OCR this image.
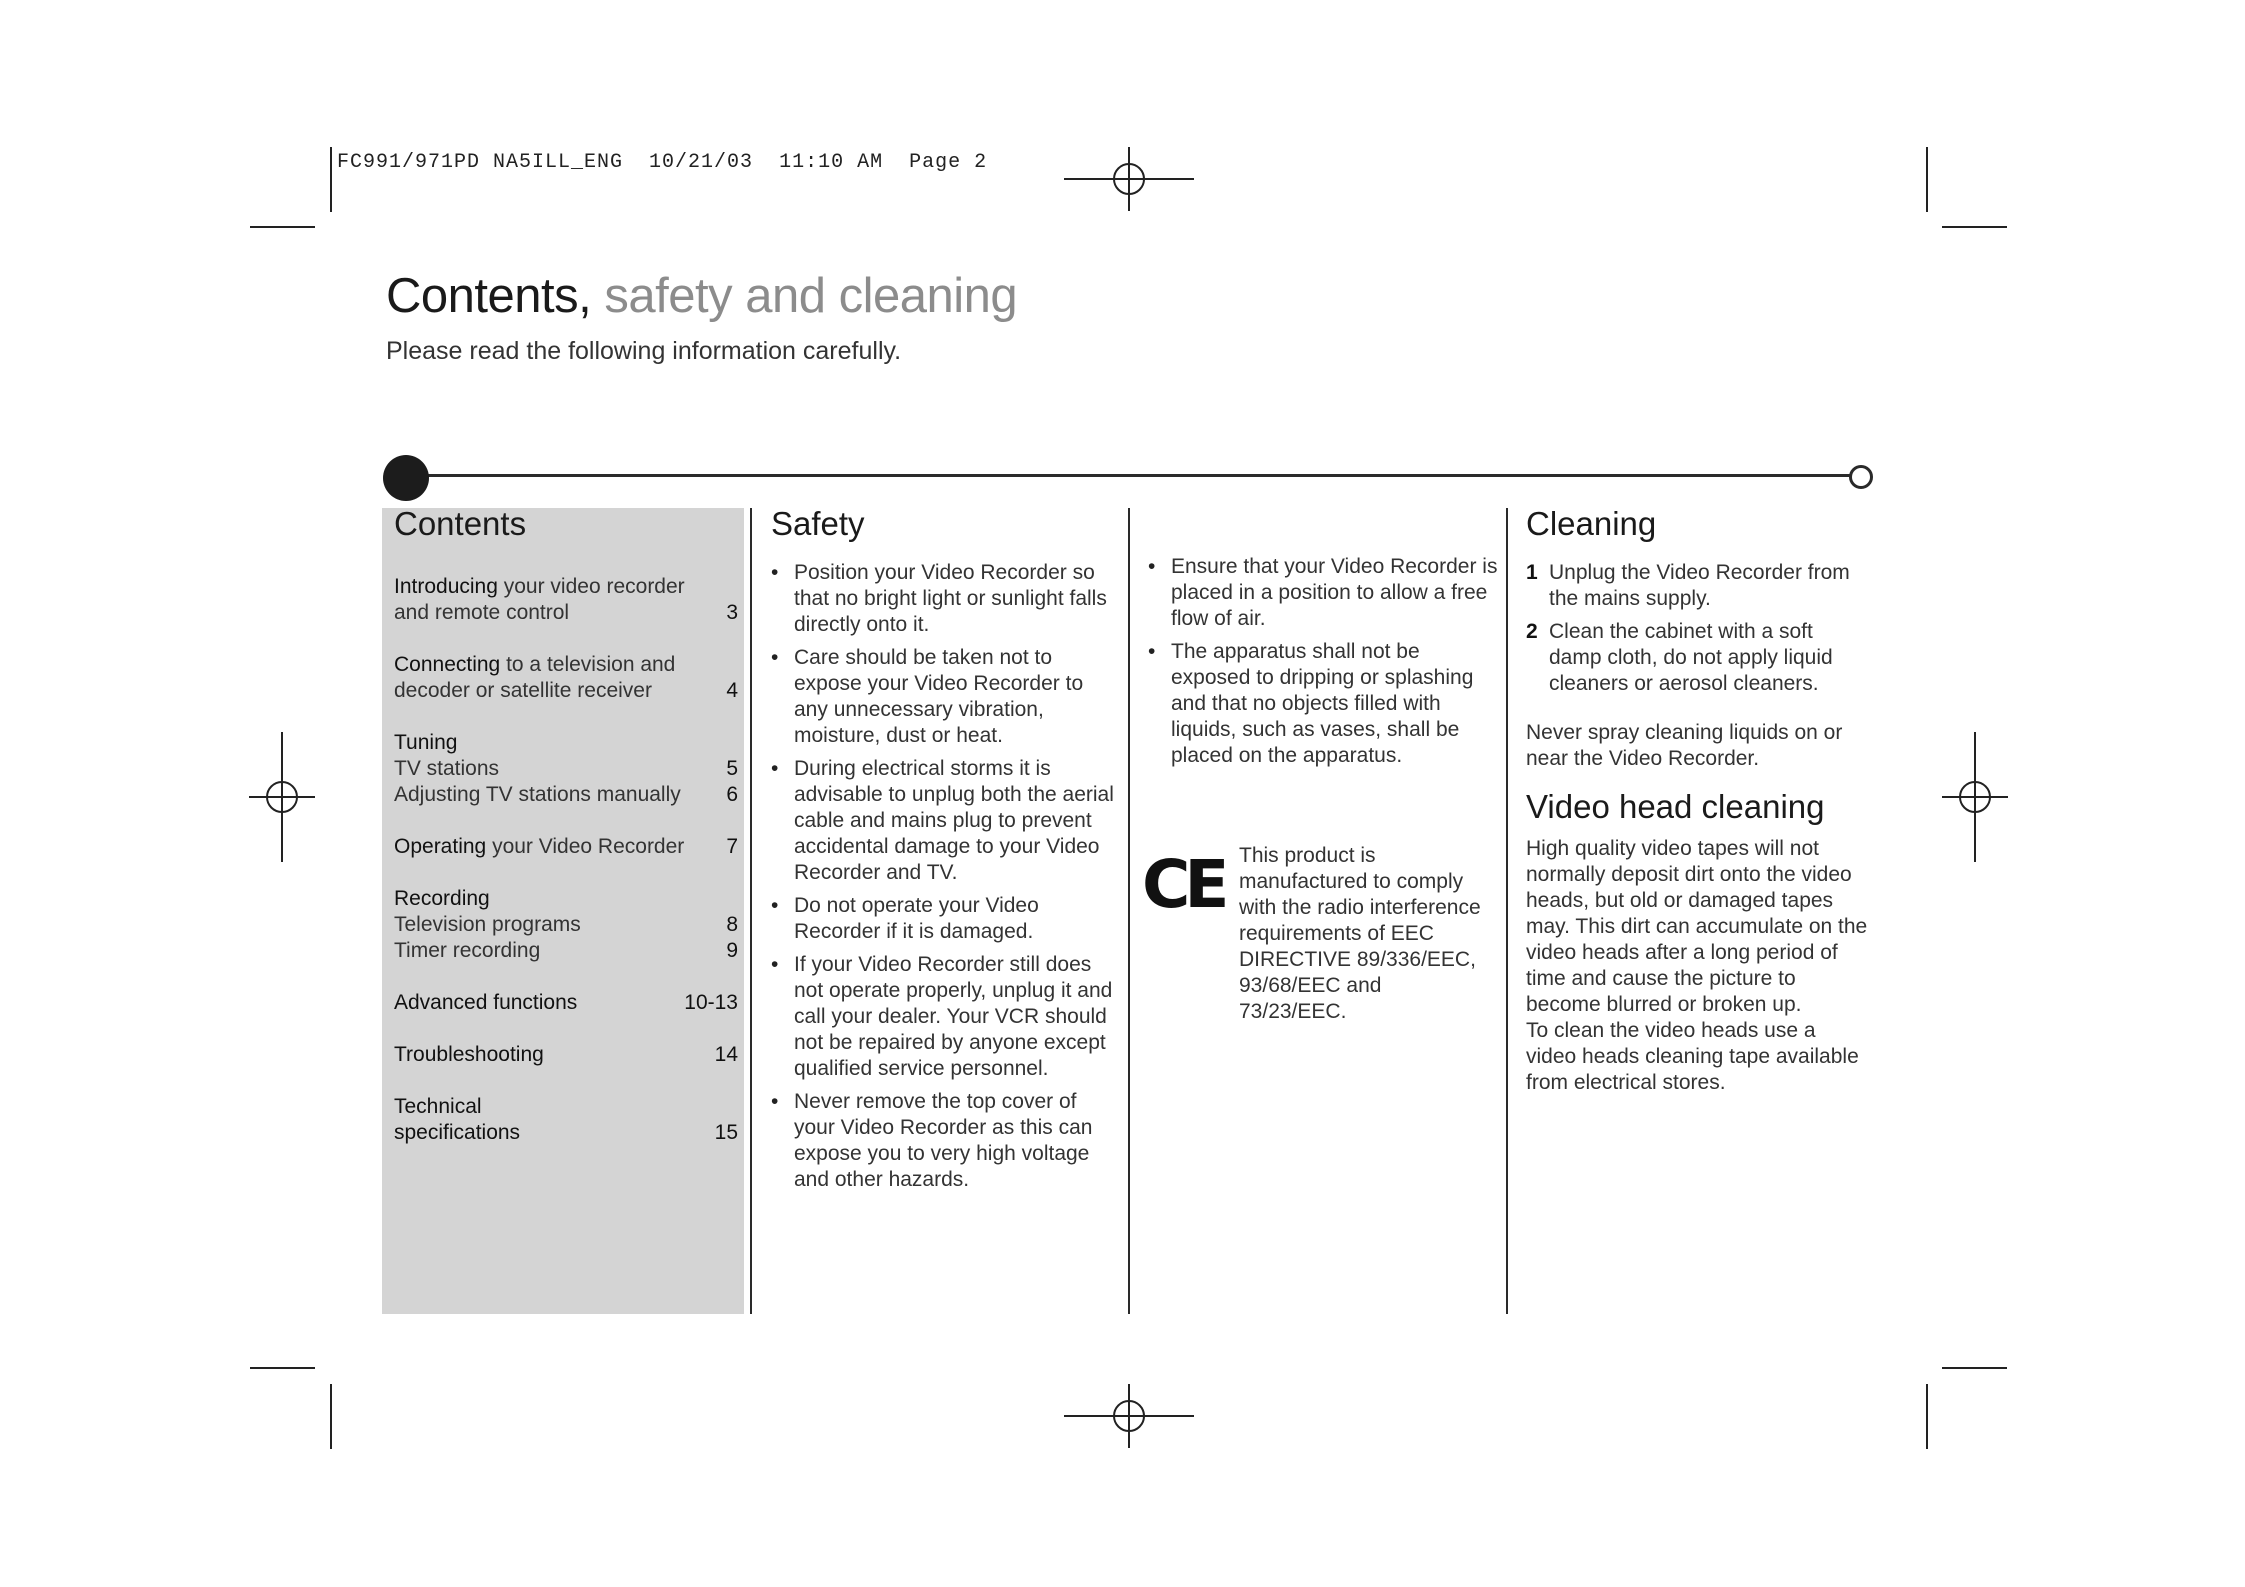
FC991/971PD NA5ILL_ENG  10/21/03  11:10 AM  Page 2
Contents, safety and cleaning
Please read the following information carefully.
Contents
Introducing your video recorder
and remote control	3
Connecting to a television and
decoder or satellite receiver	4
Tuning
TV stations	5
Adjusting TV stations manually 6
Operating your Video Recorder 7
Recording
Television programs	8
Timer recording	9
Advanced functions	10-13
Troubleshooting	14
Technical
specifications	15
Safety
• Position your Video Recorder so that no bright light or sunlight falls directly onto it.
• Care should be taken not to expose your Video Recorder to any unnecessary vibration, moisture, dust or heat.
• During electrical storms it is advisable to unplug both the aerial cable and mains plug to prevent accidental damage to your Video Recorder and TV.
• Do not operate your Video Recorder if it is damaged.
• If your Video Recorder still does not operate properly, unplug it and call your dealer. Your VCR should not be repaired by anyone except qualified service personnel.
• Never remove the top cover of your Video Recorder as this can expose you to very high voltage and other hazards.
• Ensure that your Video Recorder is placed in a position to allow a free flow of air.
• The apparatus shall not be exposed to dripping or splashing and that no objects filled with liquids, such as vases, shall be placed on the apparatus.
CE This product is manufactured to comply with the radio interference requirements of EEC DIRECTIVE 89/336/EEC, 93/68/EEC and 73/23/EEC.
Cleaning
1 Unplug the Video Recorder from the mains supply.
2 Clean the cabinet with a soft damp cloth, do not apply liquid cleaners or aerosol cleaners.
Never spray cleaning liquids on or near the Video Recorder.
Video head cleaning
High quality video tapes will not normally deposit dirt onto the video heads, but old or damaged tapes may. This dirt can accumulate on the video heads after a long period of time and cause the picture to become blurred or broken up.
To clean the video heads use a video heads cleaning tape available from electrical stores.
